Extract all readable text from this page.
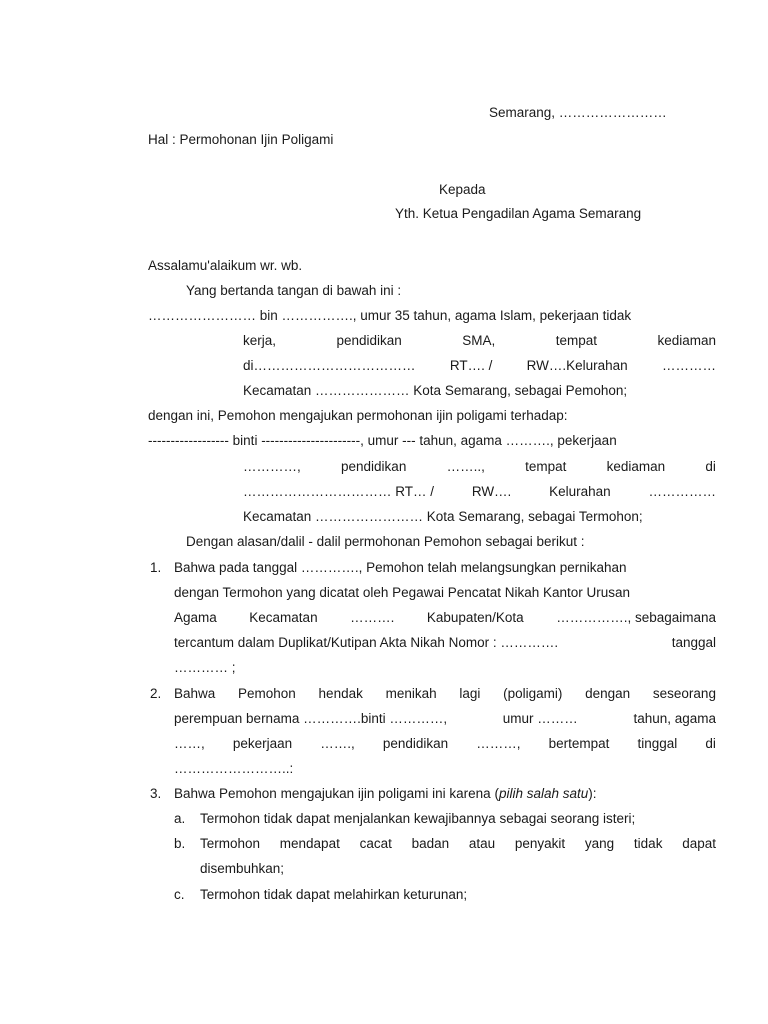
Semarang, ……………………
Hal : Permohonan Ijin Poligami
Kepada
Yth. Ketua Pengadilan Agama Semarang
Assalamu'alaikum wr. wb.
Yang bertanda tangan di bawah ini :
…………………… bin ……………., umur 35 tahun, agama Islam, pekerjaan tidak
kerja,	pendidikan	SMA,	tempat	kediaman
di………………………………	RT…. /	RW….Kelurahan	…………
Kecamatan ………………… Kota Semarang, sebagai Pemohon;
dengan ini, Pemohon mengajukan permohonan ijin poligami terhadap:
------------------ binti ----------------------, umur --- tahun, agama ………., pekerjaan
…………,	pendidikan	……..,	tempat	kediaman	di
…………………………… RT… /	RW….	Kelurahan	……………
Kecamatan …………………… Kota Semarang, sebagai Termohon;
Dengan alasan/dalil - dalil permohonan Pemohon sebagai berikut :
1. Bahwa pada tanggal …………., Pemohon telah melangsungkan pernikahan
dengan Termohon yang dicatat oleh Pegawai Pencatat Nikah Kantor Urusan
Agama Kecamatan ………. Kabupaten/Kota ……………., sebagaimana
tercantum dalam Duplikat/Kutipan Akta Nikah Nomor : ………….	tanggal
………… ;
2. Bahwa Pemohon hendak menikah lagi (poligami) dengan seseorang
perempuan bernama ………….binti …………,	umur ………	tahun, agama
……, pekerjaan ……., pendidikan ………, bertempat tinggal di
……………………..:
3. Bahwa Pemohon mengajukan ijin poligami ini karena (pilih salah satu):
a.	Termohon tidak dapat menjalankan kewajibannya sebagai seorang isteri;
b.	Termohon mendapat cacat badan atau penyakit yang tidak dapat
disembuhkan;
c.	Termohon tidak dapat melahirkan keturunan;
